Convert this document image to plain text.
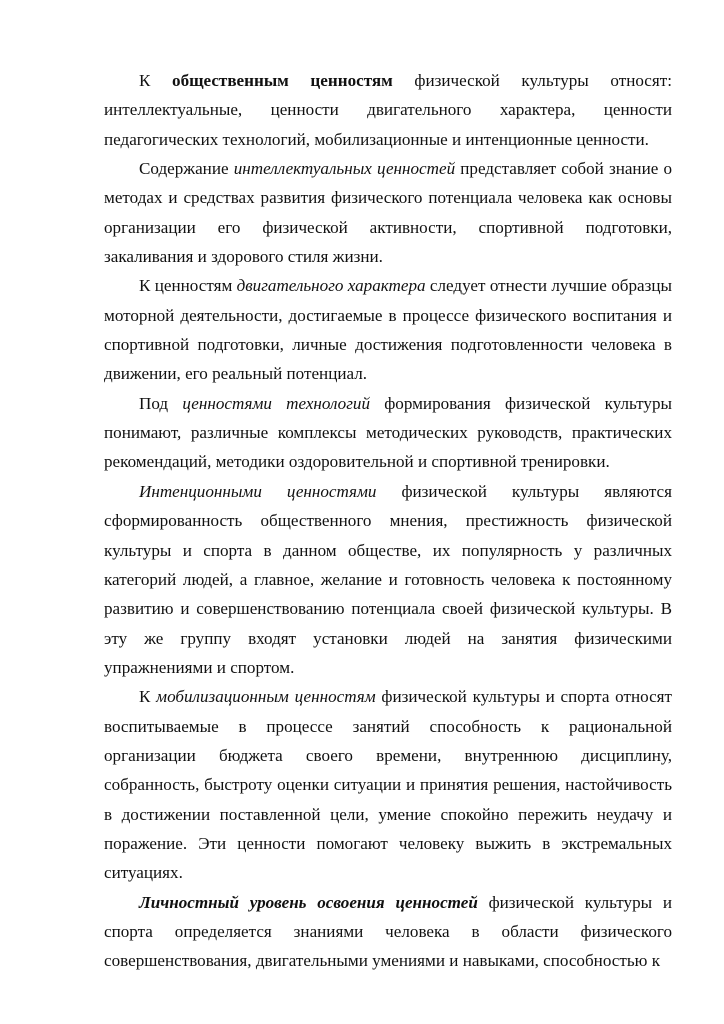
К общественным ценностям физической культуры относят: интеллектуальные, ценности двигательного характера, ценности педагогических технологий, мобилизационные и интенционные ценности.

Содержание интеллектуальных ценностей представляет собой знание о методах и средствах развития физического потенциала человека как основы организации его физической активности, спортивной подготовки, закаливания и здорового стиля жизни.

К ценностям двигательного характера следует отнести лучшие образцы моторной деятельности, достигаемые в процессе физического воспитания и спортивной подготовки, личные достижения подготовленности человека в движении, его реальный потенциал.

Под ценностями технологий формирования физической культуры понимают, различные комплексы методических руководств, практических рекомендаций, методики оздоровительной и спортивной тренировки.

Интенционными ценностями физической культуры являются сформированность общественного мнения, престижность физической культуры и спорта в данном обществе, их популярность у различных категорий людей, а главное, желание и готовность человека к постоянному развитию и совершенствованию потенциала своей физической культуры. В эту же группу входят установки людей на занятия физическими упражнениями и спортом.

К мобилизационным ценностям физической культуры и спорта относят воспитываемые в процессе занятий способность к рациональной организации бюджета своего времени, внутреннюю дисциплину, собранность, быстроту оценки ситуации и принятия решения, настойчивость в достижении поставленной цели, умение спокойно пережить неудачу и поражение. Эти ценности помогают человеку выжить в экстремальных ситуациях.

Личностный уровень освоения ценностей физической культуры и спорта определяется знаниями человека в области физического совершенствования, двигательными умениями и навыками, способностью к
